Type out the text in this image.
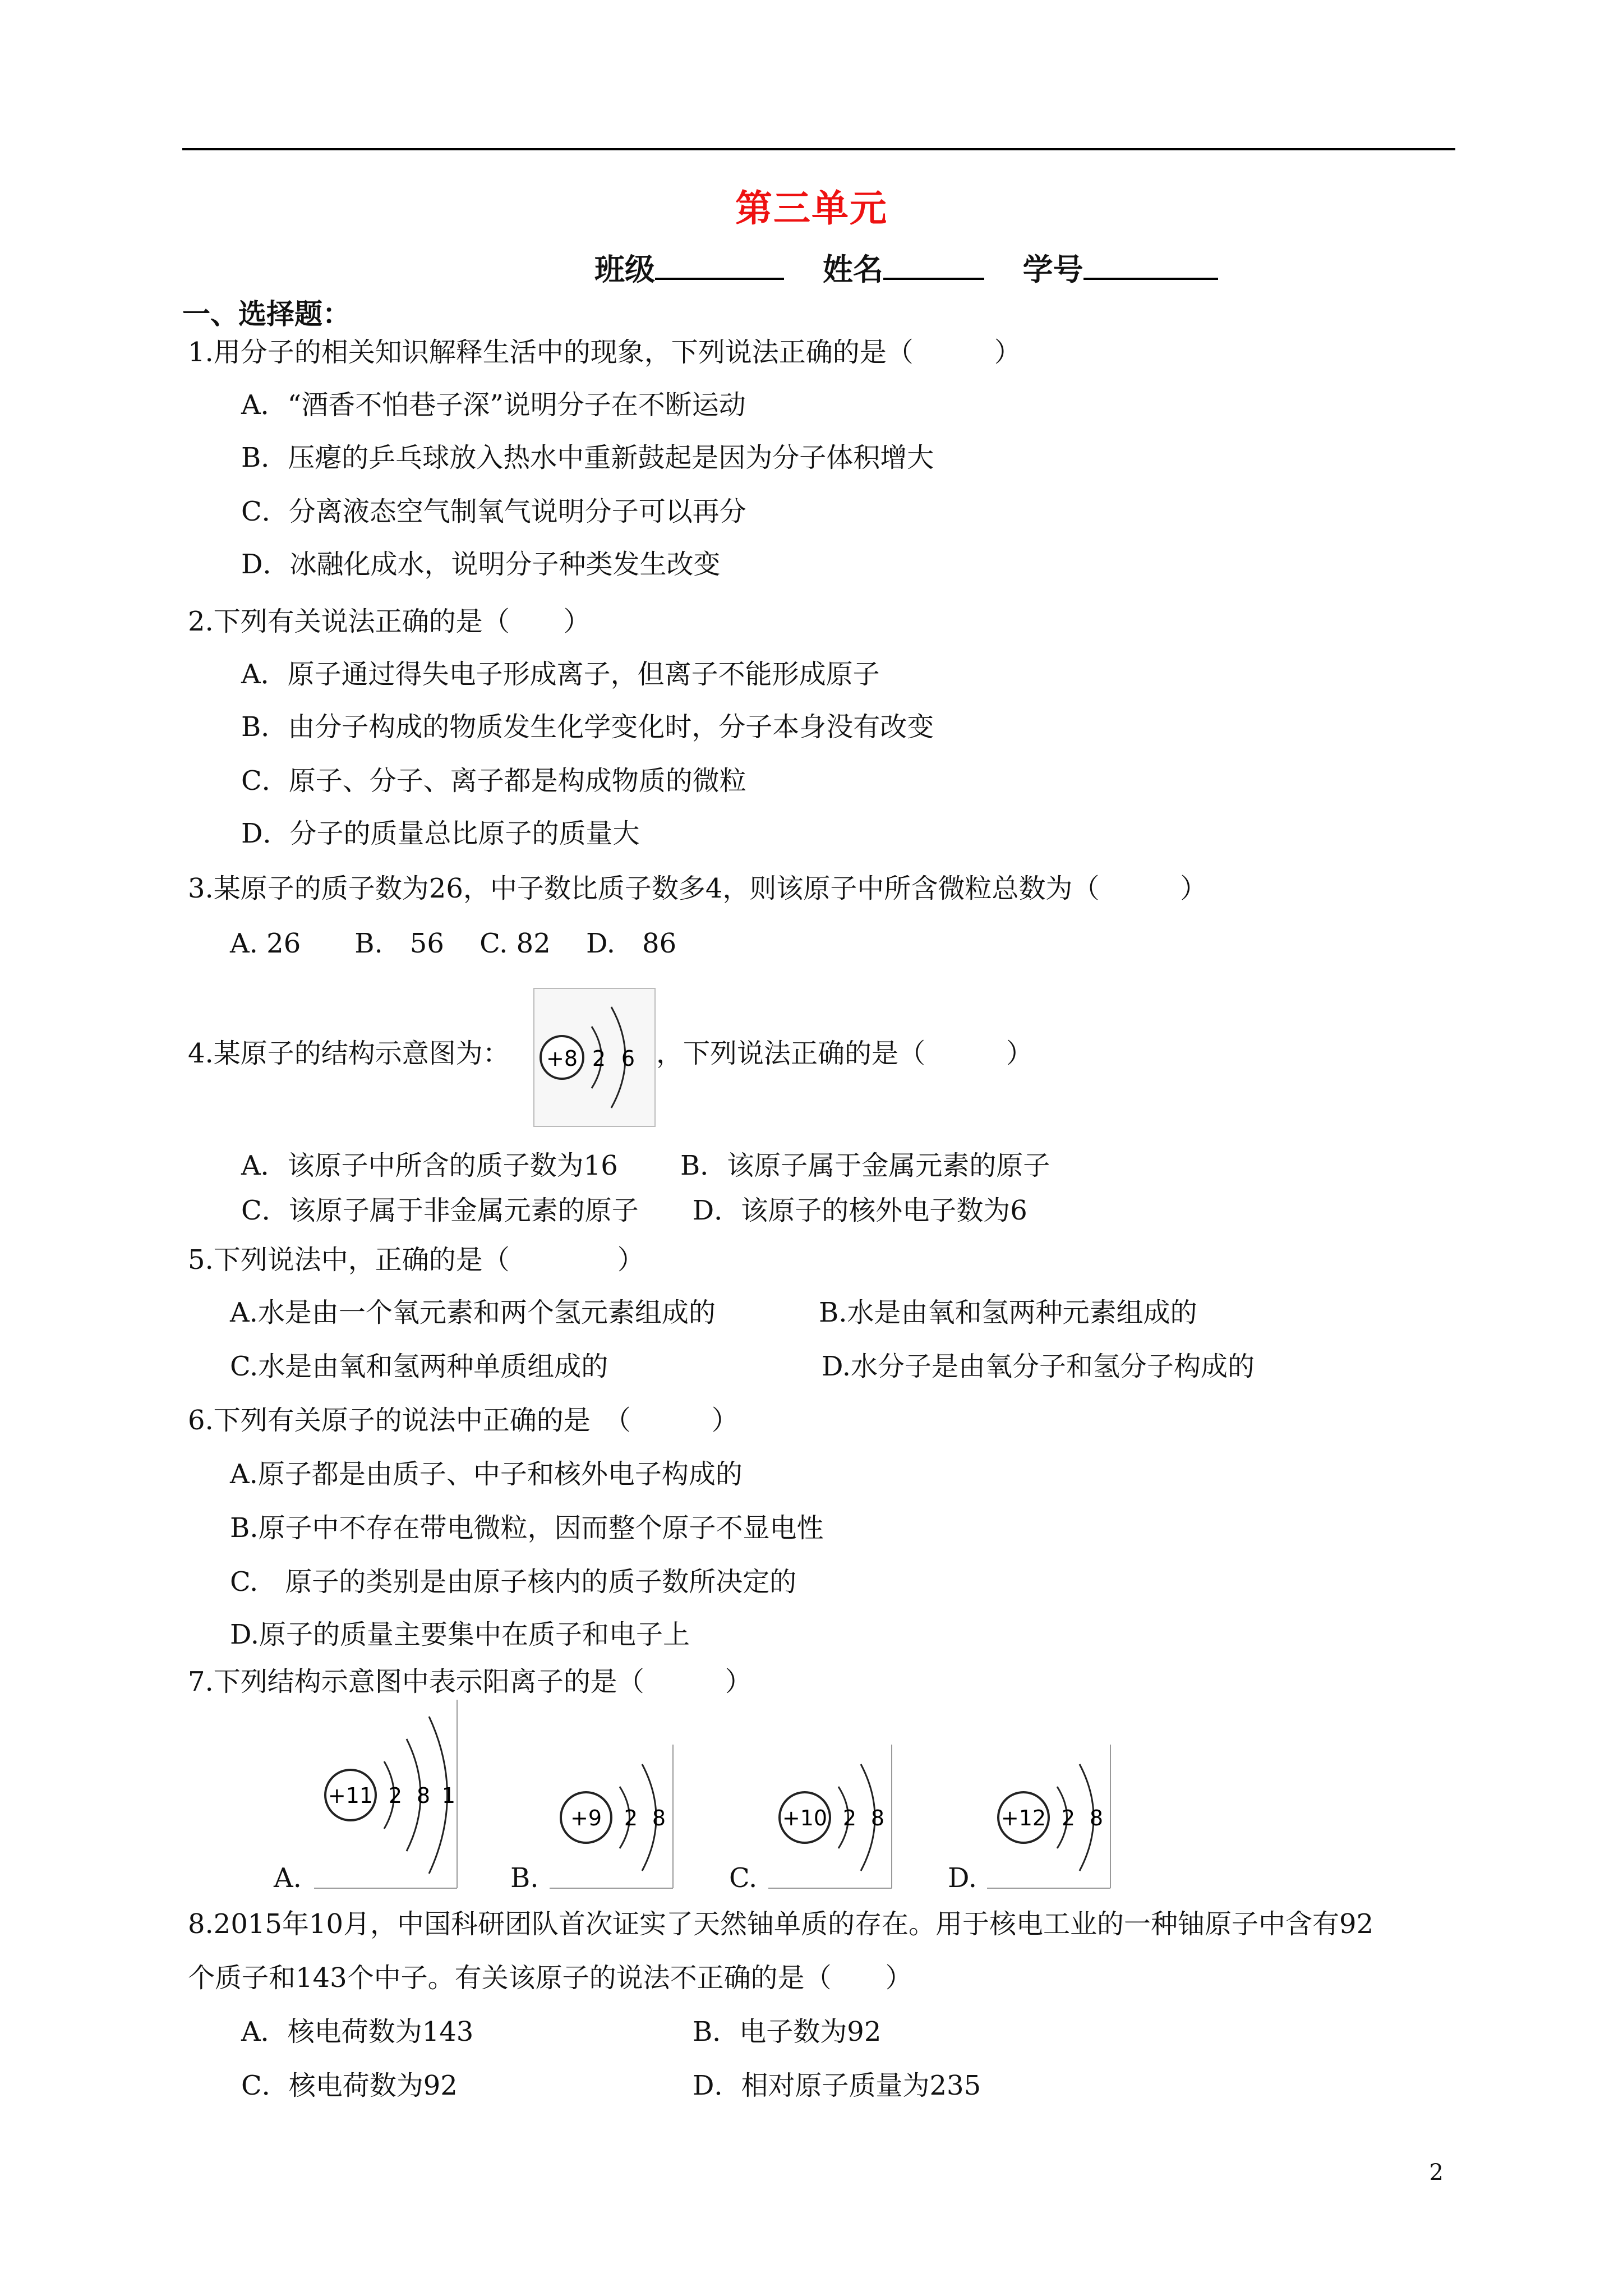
第三单元
班级	姓名	学号
一、选择题：
1.用分子的相关知识解释生活中的现象，下列说法正确的是（　　　）
A．“酒香不怕巷子深”说明分子在不断运动
B．压瘪的乒乓球放入热水中重新鼓起是因为分子体积增大
C．分离液态空气制氧气说明分子可以再分
D．冰融化成水，说明分子种类发生改变
2.下列有关说法正确的是（　　）
A．原子通过得失电子形成离子，但离子不能形成原子
B．由分子构成的物质发生化学变化时，分子本身没有改变
C．原子、分子、离子都是构成物质的微粒
D．分子的质量总比原子的质量大
3.某原子的质子数为26，中子数比质子数多4，则该原子中所含微粒总数为（　　　）
A. 26　　B.　56　 C. 82　 D.　86
4.某原子的结构示意图为： +8 2 6 ，下列说法正确的是（　　　）
A．该原子中所含的质子数为16　　 B．该原子属于金属元素的原子
C．该原子属于非金属元素的原子　　D．该原子的核外电子数为6
5.下列说法中，正确的是（　　　　）
A.水是由一个氧元素和两个氢元素组成的	B.水是由氧和氢两种元素组成的
C.水是由氧和氢两种单质组成的	D.水分子是由氧分子和氢分子构成的
6.下列有关原子的说法中正确的是　（　　　）
A.原子都是由质子、中子和核外电子构成的
B.原子中不存在带电微粒，因而整个原子不显电性
C.　原子的类别是由原子核内的质子数所决定的
D.原子的质量主要集中在质子和电子上
7.下列结构示意图中表示阳离子的是（　　　）
A.
+11 2 8 1
B.
+9 2 8
C.
+10 2 8
D.
+12 2 8
8.2015年10月，中国科研团队首次证实了天然铀单质的存在。用于核电工业的一种铀原子中含有92
个质子和143个中子。有关该原子的说法不正确的是（　　）
A．核电荷数为143	B．电子数为92
C．核电荷数为92	D．相对原子质量为235
2
